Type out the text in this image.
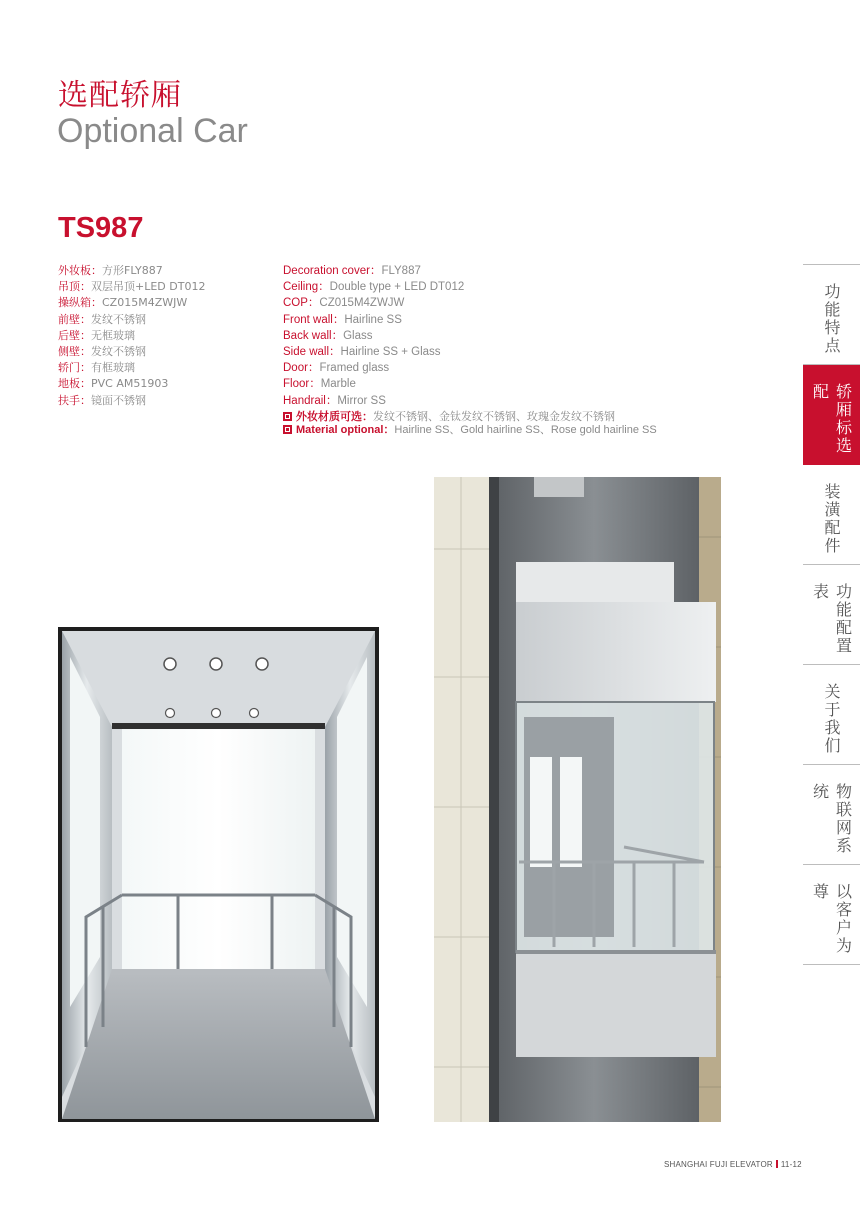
选配轿厢
Optional Car
TS987
外妆板：方形FLY887
吊顶：双层吊顶+LED DT012
操纵箱：CZ015M4ZWJW
前壁：发纹不锈钢
后壁：无框玻璃
侧壁：发纹不锈钢
轿门：有框玻璃
地板：PVC AM51903
扶手：镜面不锈钢
Decoration cover：FLY887
Ceiling：Double type + LED DT012
COP：CZ015M4ZWJW
Front wall：Hairline SS
Back wall：Glass
Side wall：Hairline SS + Glass
Door：Framed glass
Floor：Marble
Handrail：Mirror SS
外妆材质可选：发纹不锈钢、金钛发纹不锈钢、玫瑰金发纹不锈钢
Material optional：Hairline SS、Gold hairline SS、Rose gold hairline SS
功能特点
轿厢标选配
装潢配件
功能配置表
关于我们
物联网系统
以客户为尊
SHANGHAI FUJI ELEVATOR 11-12
